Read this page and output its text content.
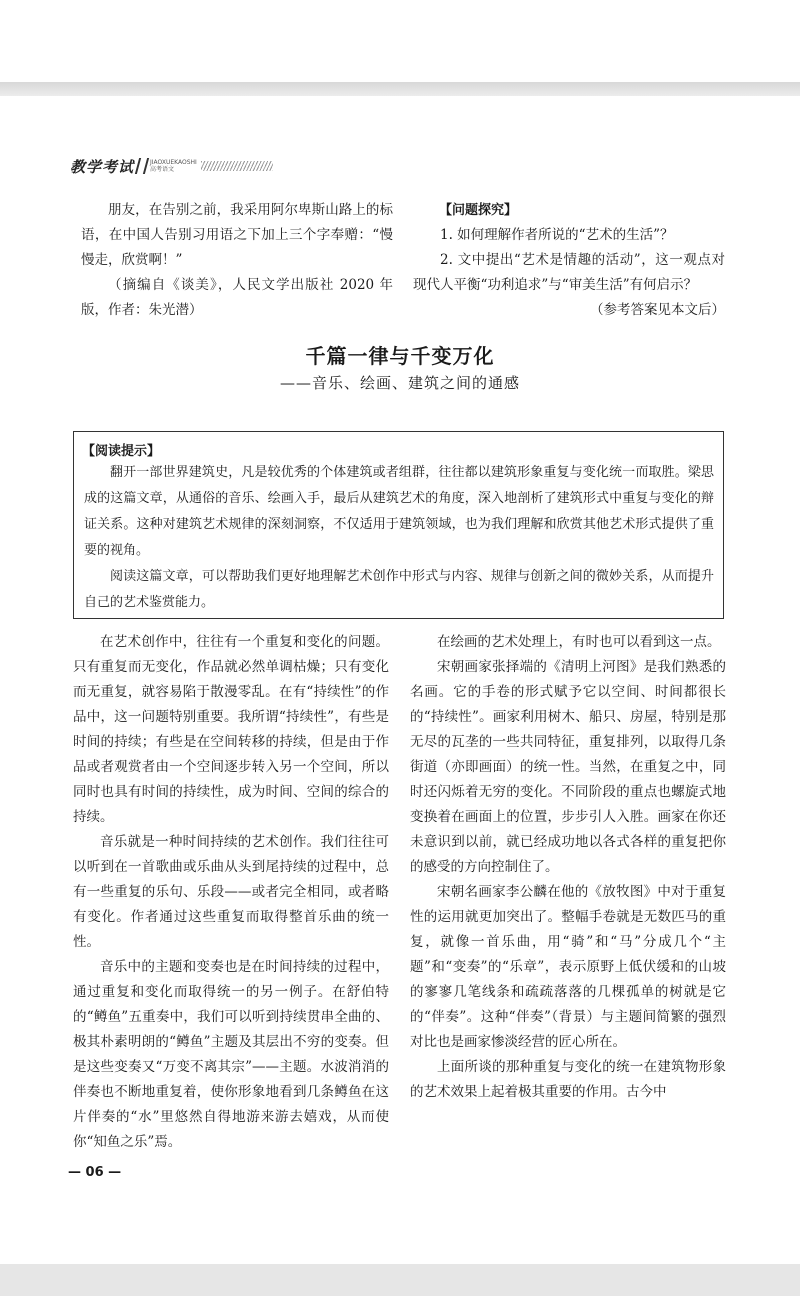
教学考试	JIAOXUEKAOSHI
高考语文

朋友，在告别之前，我采用阿尔卑斯山路上的标语，在中国人告别习用语之下加上三个字奉赠：“慢慢走，欣赏啊！”

（摘编自《谈美》，人民文学出版社 2020 年版，作者：朱光潜）

【问题探究】

1. 如何理解作者所说的“艺术的生活”？

2. 文中提出“艺术是情趣的活动”，这一观点对现代人平衡“功利追求”与“审美生活”有何启示？

（参考答案见本文后）

千篇一律与千变万化
——音乐、绘画、建筑之间的通感
【阅读提示】

翻开一部世界建筑史，凡是较优秀的个体建筑或者组群，往往都以建筑形象重复与变化统一而取胜。梁思成的这篇文章，从通俗的音乐、绘画入手，最后从建筑艺术的角度，深入地剖析了建筑形式中重复与变化的辩证关系。这种对建筑艺术规律的深刻洞察，不仅适用于建筑领域，也为我们理解和欣赏其他艺术形式提供了重要的视角。

阅读这篇文章，可以帮助我们更好地理解艺术创作中形式与内容、规律与创新之间的微妙关系，从而提升自己的艺术鉴赏能力。

在艺术创作中，往往有一个重复和变化的问题。只有重复而无变化，作品就必然单调枯燥；只有变化而无重复，就容易陷于散漫零乱。在有“持续性”的作品中，这一问题特别重要。我所谓“持续性”，有些是时间的持续；有些是在空间转移的持续，但是由于作品或者观赏者由一个空间逐步转入另一个空间，所以同时也具有时间的持续性，成为时间、空间的综合的持续。

音乐就是一种时间持续的艺术创作。我们往往可以听到在一首歌曲或乐曲从头到尾持续的过程中，总有一些重复的乐句、乐段——或者完全相同，或者略有变化。作者通过这些重复而取得整首乐曲的统一性。

音乐中的主题和变奏也是在时间持续的过程中，通过重复和变化而取得统一的另一例子。在舒伯特的“鳟鱼”五重奏中，我们可以听到持续贯串全曲的、极其朴素明朗的“鳟鱼”主题及其层出不穷的变奏。但是这些变奏又“万变不离其宗”——主题。水波消消的伴奏也不断地重复着，使你形象地看到几条鳟鱼在这片伴奏的“水”里悠然自得地游来游去嬉戏，从而使你“知鱼之乐”焉。

在绘画的艺术处理上，有时也可以看到这一点。

宋朝画家张择端的《清明上河图》是我们熟悉的名画。它的手卷的形式赋予它以空间、时间都很长的“持续性”。画家利用树木、船只、房屋，特别是那无尽的瓦垄的一些共同特征，重复排列，以取得几条街道（亦即画面）的统一性。当然，在重复之中，同时还闪烁着无穷的变化。不同阶段的重点也螺旋式地变换着在画面上的位置，步步引人入胜。画家在你还未意识到以前，就已经成功地以各式各样的重复把你的感受的方向控制住了。

宋朝名画家李公麟在他的《放牧图》中对于重复性的运用就更加突出了。整幅手卷就是无数匹马的重复，就像一首乐曲，用“骑”和“马”分成几个“主题”和“变奏”的“乐章”，表示原野上低伏缓和的山坡的寥寥几笔线条和疏疏落落的几棵孤单的树就是它的“伴奏”。这种“伴奏”（背景）与主题间简繁的强烈对比也是画家惨淡经营的匠心所在。

上面所谈的那种重复与变化的统一在建筑物形象的艺术效果上起着极其重要的作用。古今中

— 06 —
